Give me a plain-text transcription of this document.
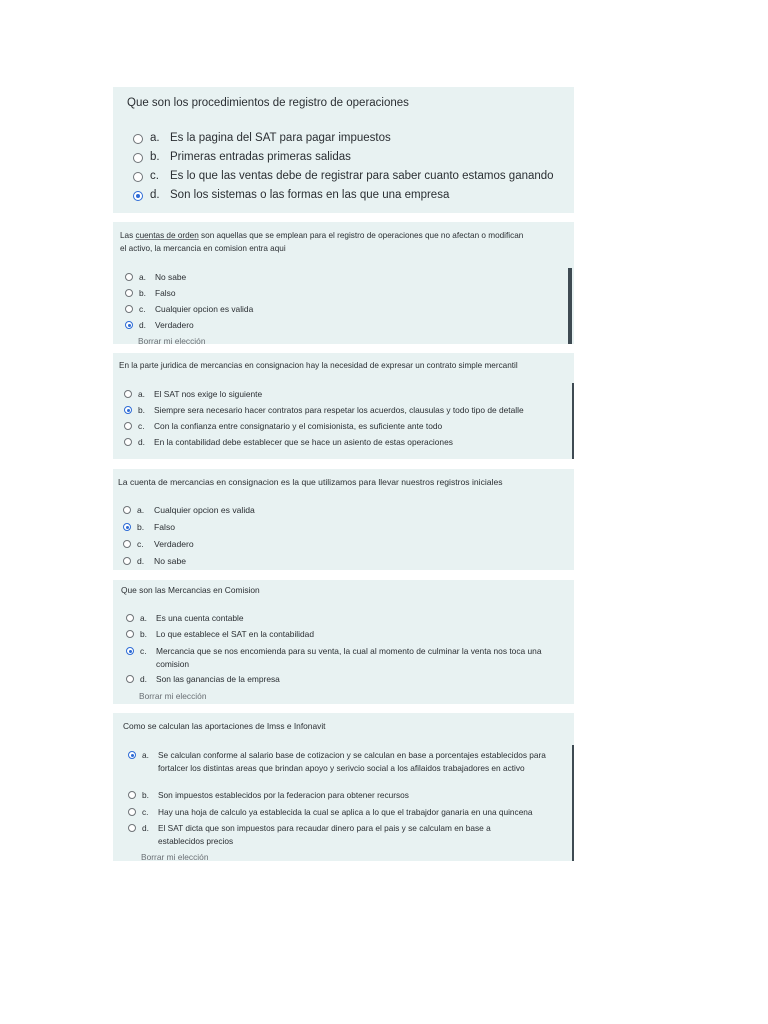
Que son los procedimientos de registro de operaciones
a. Es la pagina del SAT para pagar impuestos
b. Primeras entradas primeras salidas
c. Es lo que las ventas debe de registrar para saber cuanto estamos ganando
d. Son los sistemas o las formas en las que una empresa
Las cuentas de orden son aquellas que se emplean para el registro de operaciones que no afectan o modifican
el activo, la mercancia en comision entra aqui
a.	No sabe
b.	Falso
c.	Cualquier opcion es valida
d.	Verdadero
Borrar mi elección
En la parte juridica de mercancias en consignacion hay la necesidad de expresar un contrato simple mercantil
a.	El SAT nos exige lo siguiente
b.	Siempre sera necesario hacer contratos para respetar los acuerdos, clausulas y todo tipo de detalle
c.	Con la confianza entre consignatario y el comisionista, es suficiente ante todo
d.	En la contabilidad debe establecer que se hace un asiento de estas operaciones
La cuenta de mercancias en consignacion es la que utilizamos para llevar nuestros registros iniciales
a.	Cualquier opcion es valida
b.	Falso
c.	Verdadero
d.	No sabe
Que son las Mercancias en Comision
a.	Es una cuenta contable
b.	Lo que establece el SAT en la contabilidad
c.	Mercancia que se nos encomienda para su venta, la cual al momento de culminar la venta nos toca una comision
d.	Son las ganancias de la empresa
Borrar mi elección
Como se calculan las aportaciones de Imss e Infonavit
a.	Se calculan conforme al salario base de cotizacion y se calculan en base a porcentajes establecidos para fortalcer los distintas areas que brindan apoyo y serivcio social a los afilaidos trabajadores en activo
b.	Son impuestos establecidos por la federacion para obtener recursos
c.	Hay una hoja de calculo ya establecida la cual se aplica a lo que el trabajdor ganaria en una quincena
d.	El SAT dicta que son impuestos para recaudar dinero para el pais y se calculam en base a establecidos precios
Borrar mi elección
